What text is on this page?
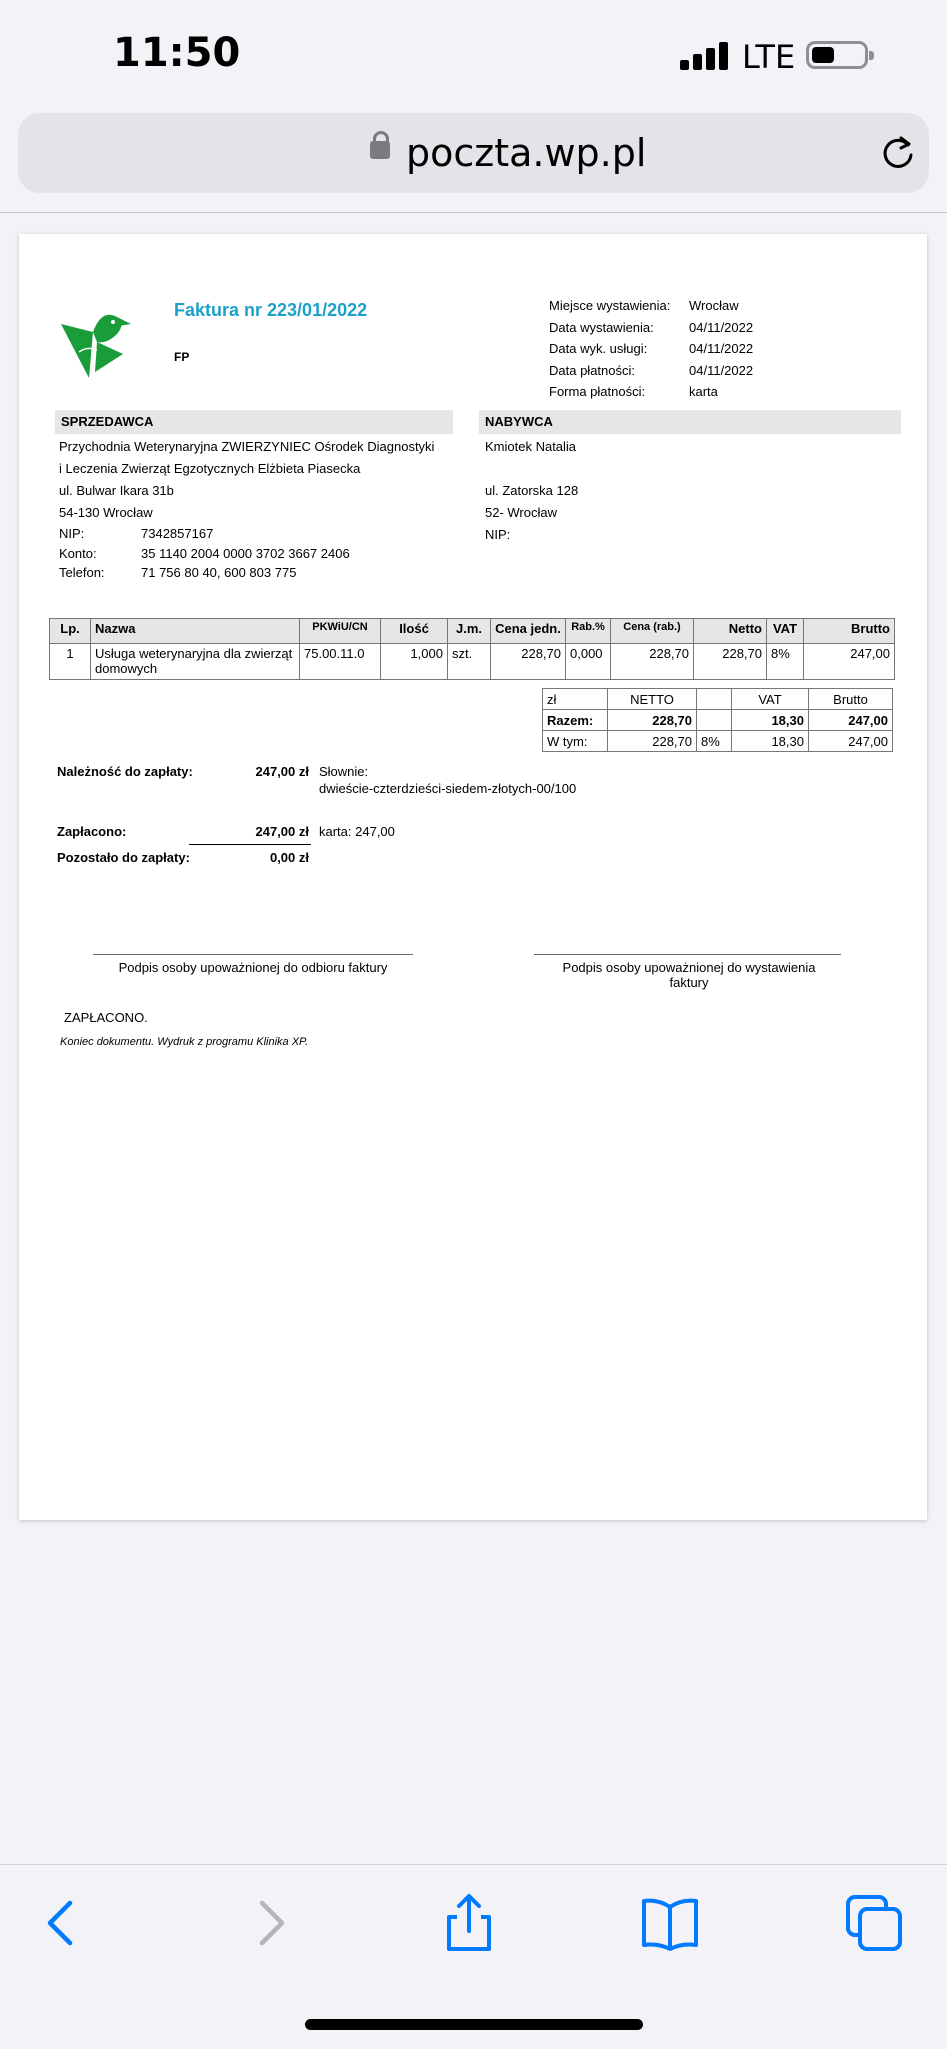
11:50	LTE
poczta.wp.pl
Faktura nr 223/01/2022
FP
Miejsce wystawienia:	Wrocław
Data wystawienia:	04/11/2022
Data wyk. usługi:	04/11/2022
Data płatności:	04/11/2022
Forma płatności:	karta
SPRZEDAWCA
Przychodnia Weterynaryjna ZWIERZYNIEC Ośrodek Diagnostyki
i Leczenia Zwierząt Egzotycznych Elżbieta Piasecka
ul. Bulwar Ikara 31b
54-130 Wrocław
NIP:	7342857167
Konto:	35 1140 2004 0000 3702 3667 2406
Telefon:	71 756 80 40, 600 803 775
NABYWCA
Kmiotek Natalia
ul. Zatorska 128
52- Wrocław
NIP:
Lp.	Nazwa	PKWiU/CN	Ilość	J.m.	Cena jedn.	Rab.%	Cena (rab.)	Netto	VAT	Brutto
1	Usługa weterynaryjna dla zwierząt domowych	75.00.11.0	1,000	szt.	228,70	0,000	228,70	228,70	8%	247,00
zł	NETTO		VAT	Brutto
Razem:	228,70		18,30	247,00
W tym:	228,70	8%	18,30	247,00
Należność do zapłaty:	247,00 zł Słownie:
dwieście-czterdzieści-siedem-złotych-00/100
Zapłacono:	247,00 zł karta: 247,00
Pozostało do zapłaty:	0,00 zł
Podpis osoby upoważnionej do odbioru faktury	Podpis osoby upoważnionej do wystawienia faktury
ZAPŁACONO.
Koniec dokumentu. Wydruk z programu Klinika XP.
